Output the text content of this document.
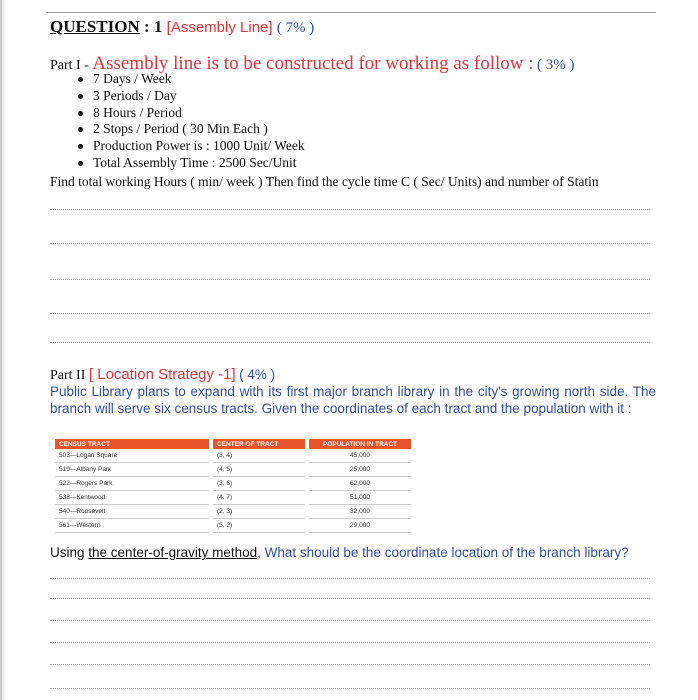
QUESTION : 1 [Assembly Line] ( 7% )
Part I - Assembly line is to be constructed for working as follow : ( 3% )
7 Days / Week
3 Periods / Day
8 Hours / Period
2 Stops / Period ( 30 Min Each )
Production Power is : 1000 Unit/ Week
Total Assembly Time : 2500 Sec/Unit
Find total working Hours ( min/ week ) Then find the cycle time C ( Sec/ Units) and number of Statin
Part II [ Location Strategy -1] ( 4% )
Public Library plans to expand with its first major branch library in the city's growing north side. The branch will serve six census tracts. Given the coordinates of each tract and the population with it :
CENSUS TRACT	CENTER OF TRACT	POPULATION IN TRACT
503—Logan Square	(3, 4)	45,000
519—Albany Park	(4, 5)	25,000
522—Rogers Park	(3, 6)	62,000
538—Kentwood	(4, 7)	51,000
540—Roosevelt	(2, 3)	32,000
561—Western	(5, 2)	29,000
Using the center-of-gravity method, What should be the coordinate location of the branch library?
